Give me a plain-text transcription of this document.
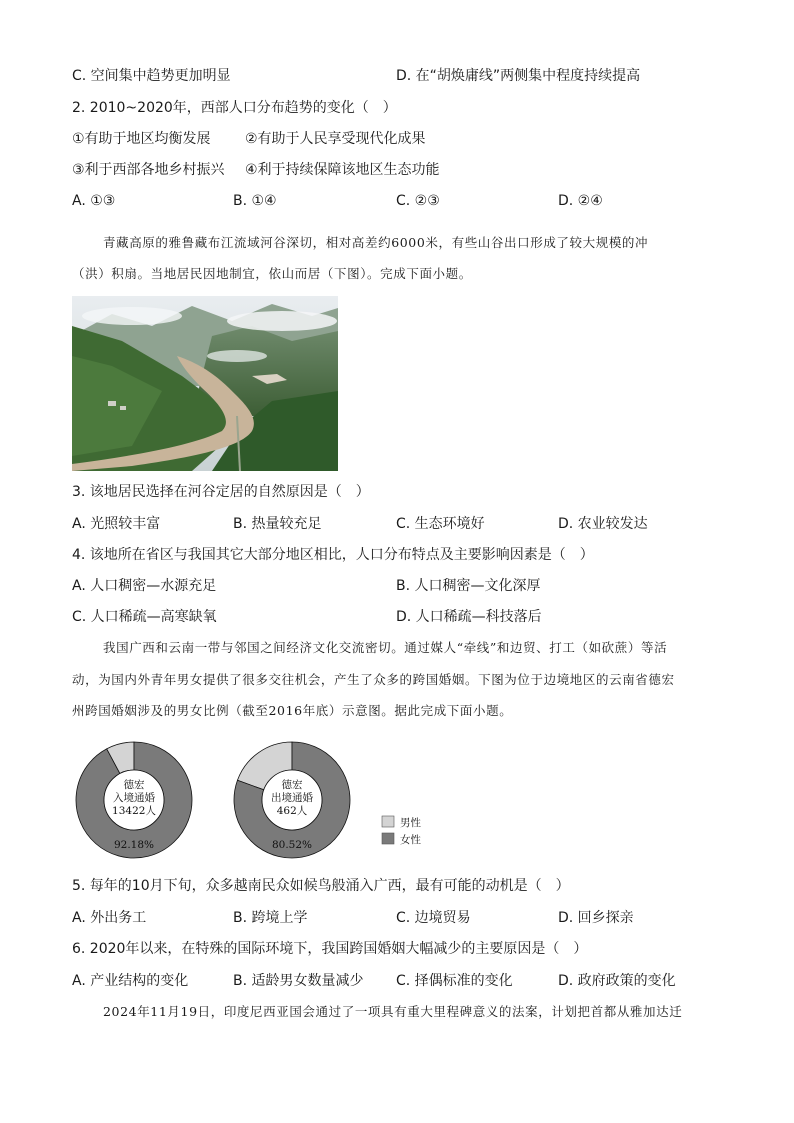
C. 空间集中趋势更加明显	D. 在“胡焕庸线”两侧集中程度持续提高
2. 2010~2020年，西部人口分布趋势的变化（　）
①有助于地区均衡发展 ②有助于人民享受现代化成果
③利于西部各地乡村振兴 ④利于持续保障该地区生态功能
A. ①③	B. ①④	C. ②③	D. ②④
青藏高原的雅鲁藏布江流域河谷深切，相对高差约6000米，有些山谷出口形成了较大规模的冲
（洪）积扇。当地居民因地制宜，依山而居（下图）。完成下面小题。
3. 该地居民选择在河谷定居的自然原因是（　）
A. 光照较丰富	B. 热量较充足	C. 生态环境好	D. 农业较发达
4. 该地所在省区与我国其它大部分地区相比，人口分布特点及主要影响因素是（　）
A. 人口稠密—水源充足	B. 人口稠密—文化深厚
C. 人口稀疏—高寒缺氧	D. 人口稀疏—科技落后
我国广西和云南一带与邻国之间经济文化交流密切。通过媒人“牵线”和边贸、打工（如砍蔗）等活
动，为国内外青年男女提供了很多交往机会，产生了众多的跨国婚姻。下图为位于边境地区的云南省德宏
州跨国婚姻涉及的男女比例（截至2016年底）示意图。据此完成下面小题。
德宏
入境通婚
13422人
92.18%
德宏
出境通婚
462人
80.52%
男性
女性
5. 每年的10月下旬，众多越南民众如候鸟般涌入广西，最有可能的动机是（　）
A. 外出务工	B. 跨境上学	C. 边境贸易	D. 回乡探亲
6. 2020年以来，在特殊的国际环境下，我国跨国婚姻大幅减少的主要原因是（　）
A. 产业结构的变化	B. 适龄男女数量减少 C. 择偶标准的变化	D. 政府政策的变化
2024年11月19日，印度尼西亚国会通过了一项具有重大里程碑意义的法案，计划把首都从雅加达迁
